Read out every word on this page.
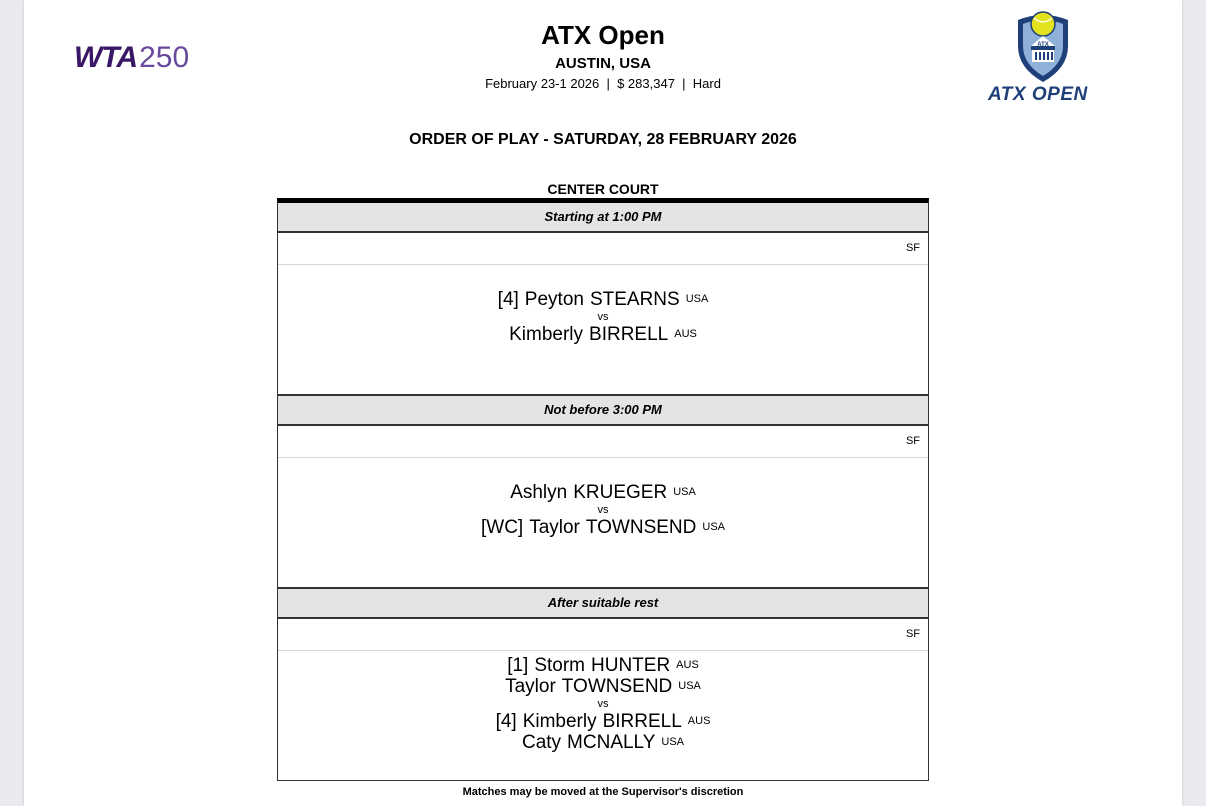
WTA 250
ATX Open
AUSTIN, USA
February 23-1 2026  |  $ 283,347  |  Hard
ATX
ATX OPEN
ORDER OF PLAY - SATURDAY, 28 FEBRUARY 2026
CENTER COURT
Starting at 1:00 PM
SF
[4] Peyton STEARNS USA
vs
Kimberly BIRRELL AUS
Not before 3:00 PM
SF
Ashlyn KRUEGER USA
vs
[WC] Taylor TOWNSEND USA
After suitable rest
SF
[1] Storm HUNTER AUS
Taylor TOWNSEND USA
vs
[4] Kimberly BIRRELL AUS
Caty MCNALLY USA
Matches may be moved at the Supervisor's discretion
